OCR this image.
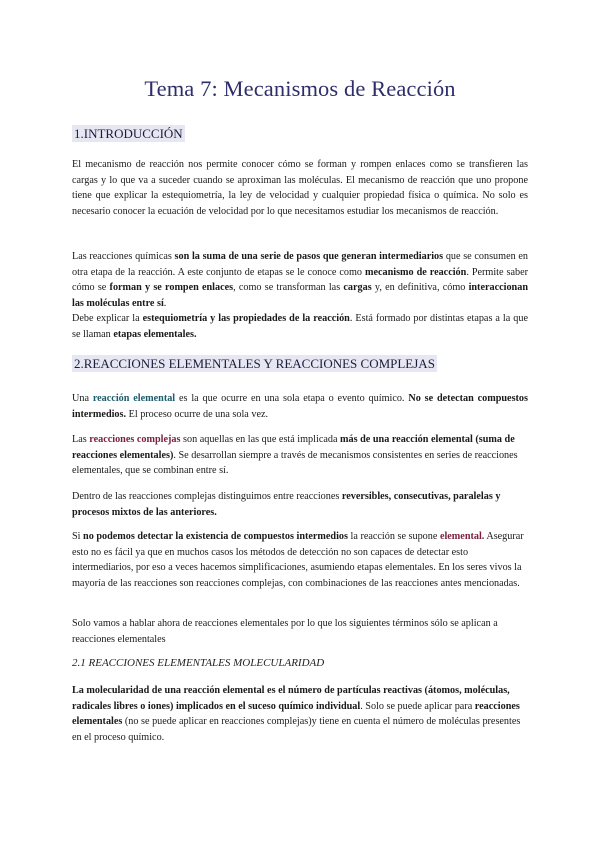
Tema 7: Mecanismos de Reacción
1.INTRODUCCIÓN
El mecanismo de reacción nos permite conocer cómo se forman y rompen enlaces como se transfieren las cargas y lo que va a suceder cuando se aproximan las moléculas. El mecanismo de reacción que uno propone tiene que explicar la estequiometría, la ley de velocidad y cualquier propiedad física o química. No solo es necesario conocer la ecuación de velocidad por lo que necesitamos estudiar los mecanismos de reacción.
Las reacciones químicas son la suma de una serie de pasos que generan intermediarios que se consumen en otra etapa de la reacción. A este conjunto de etapas se le conoce como mecanismo de reacción. Permite saber cómo se forman y se rompen enlaces, como se transforman las cargas y, en definitiva, cómo interaccionan las moléculas entre sí.
Debe explicar la estequiometría y las propiedades de la reacción. Está formado por distintas etapas a la que se llaman etapas elementales.
2.REACCIONES ELEMENTALES Y REACCIONES COMPLEJAS
Una reacción elemental es la que ocurre en una sola etapa o evento químico. No se detectan compuestos intermedios. El proceso ocurre de una sola vez.
Las reacciones complejas son aquellas en las que está implicada más de una reacción elemental (suma de reacciones elementales). Se desarrollan siempre a través de mecanismos consistentes en series de reacciones elementales, que se combinan entre sí.
Dentro de las reacciones complejas distinguimos entre reacciones reversibles, consecutivas, paralelas y procesos mixtos de las anteriores.
Si no podemos detectar la existencia de compuestos intermedios la reacción se supone elemental. Asegurar esto no es fácil ya que en muchos casos los métodos de detección no son capaces de detectar esto intermediarios, por eso a veces hacemos simplificaciones, asumiendo etapas elementales. En los seres vivos la mayoría de las reacciones son reacciones complejas, con combinaciones de las reacciones antes mencionadas.
Solo vamos a hablar ahora de reacciones elementales por lo que los siguientes términos sólo se aplican a reacciones elementales
2.1 REACCIONES ELEMENTALES MOLECULARIDAD
La molecularidad de una reacción elemental es el número de partículas reactivas (átomos, moléculas, radicales libres o iones) implicados en el suceso químico individual. Solo se puede aplicar para reacciones elementales (no se puede aplicar en reacciones complejas)y tiene en cuenta el número de moléculas presentes en el proceso químico.
